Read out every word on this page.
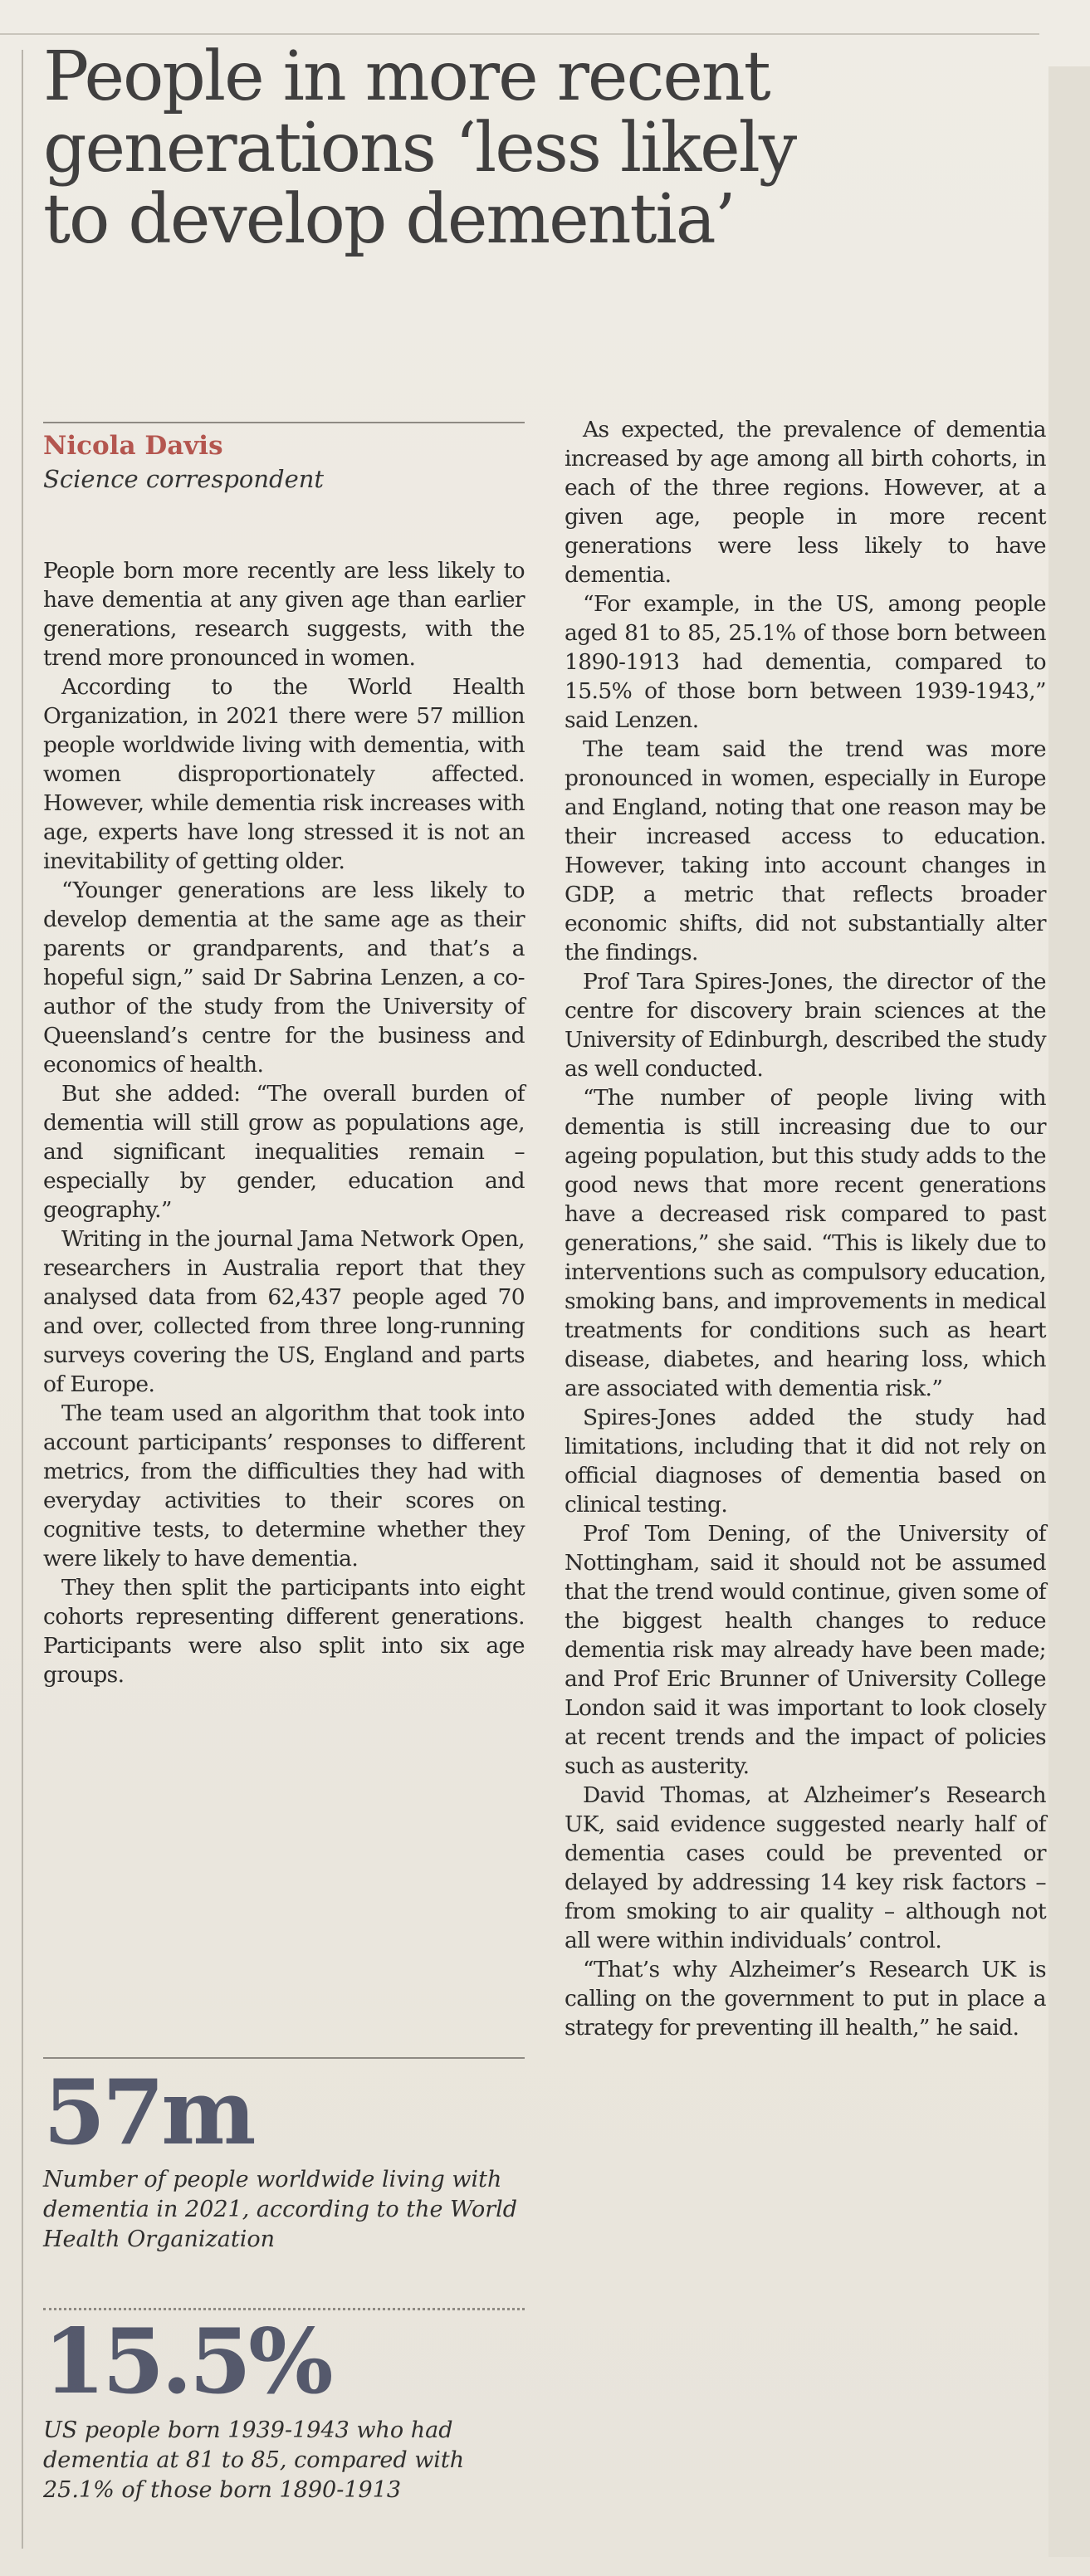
People in more recent
generations ‘less likely
to develop dementia’
Nicola Davis
Science correspondent

People born more recently are less likely to have dementia at any given age than earlier generations, research suggests, with the trend more pronounced in women.

According to the World Health Organization, in 2021 there were 57 million people worldwide living with dementia, with women disproportionately affected. However, while dementia risk increases with age, experts have long stressed it is not an inevitability of getting older.

“Younger generations are less likely to develop dementia at the same age as their parents or grandparents, and that’s a hopeful sign,” said Dr Sabrina Lenzen, a co-author of the study from the University of Queensland’s centre for the business and economics of health.

But she added: “The overall burden of dementia will still grow as populations age, and significant inequalities remain – especially by gender, education and geography.”

Writing in the journal Jama Network Open, researchers in Australia report that they analysed data from 62,437 people aged 70 and over, collected from three long-running surveys covering the US, England and parts of Europe.

The team used an algorithm that took into account participants’ responses to different metrics, from the difficulties they had with everyday activities to their scores on cognitive tests, to determine whether they were likely to have dementia.

They then split the participants into eight cohorts representing different generations. Participants were also split into six age groups.

57m
Number of people worldwide living with dementia in 2021, according to the World Health Organization
15.5%
US people born 1939-1943 who had dementia at 81 to 85, compared with 25.1% of those born 1890-1913

As expected, the prevalence of dementia increased by age among all birth cohorts, in each of the three regions. However, at a given age, people in more recent generations were less likely to have dementia.

“For example, in the US, among people aged 81 to 85, 25.1% of those born between 1890-1913 had dementia, compared to 15.5% of those born between 1939-1943,” said Lenzen.

The team said the trend was more pronounced in women, especially in Europe and England, noting that one reason may be their increased access to education. However, taking into account changes in GDP, a metric that reflects broader economic shifts, did not substantially alter the findings.

Prof Tara Spires-Jones, the director of the centre for discovery brain sciences at the University of Edinburgh, described the study as well conducted.

“The number of people living with dementia is still increasing due to our ageing population, but this study adds to the good news that more recent generations have a decreased risk compared to past generations,” she said. “This is likely due to interventions such as compulsory education, smoking bans, and improvements in medical treatments for conditions such as heart disease, diabetes, and hearing loss, which are associated with dementia risk.”

Spires-Jones added the study had limitations, including that it did not rely on official diagnoses of dementia based on clinical testing.

Prof Tom Dening, of the University of Nottingham, said it should not be assumed that the trend would continue, given some of the biggest health changes to reduce dementia risk may already have been made; and Prof Eric Brunner of University College London said it was important to look closely at recent trends and the impact of policies such as austerity.

David Thomas, at Alzheimer’s Research UK, said evidence suggested nearly half of dementia cases could be prevented or delayed by addressing 14 key risk factors – from smoking to air quality – although not all were within individuals’ control.

“That’s why Alzheimer’s Research UK is calling on the government to put in place a strategy for preventing ill health,” he said.
